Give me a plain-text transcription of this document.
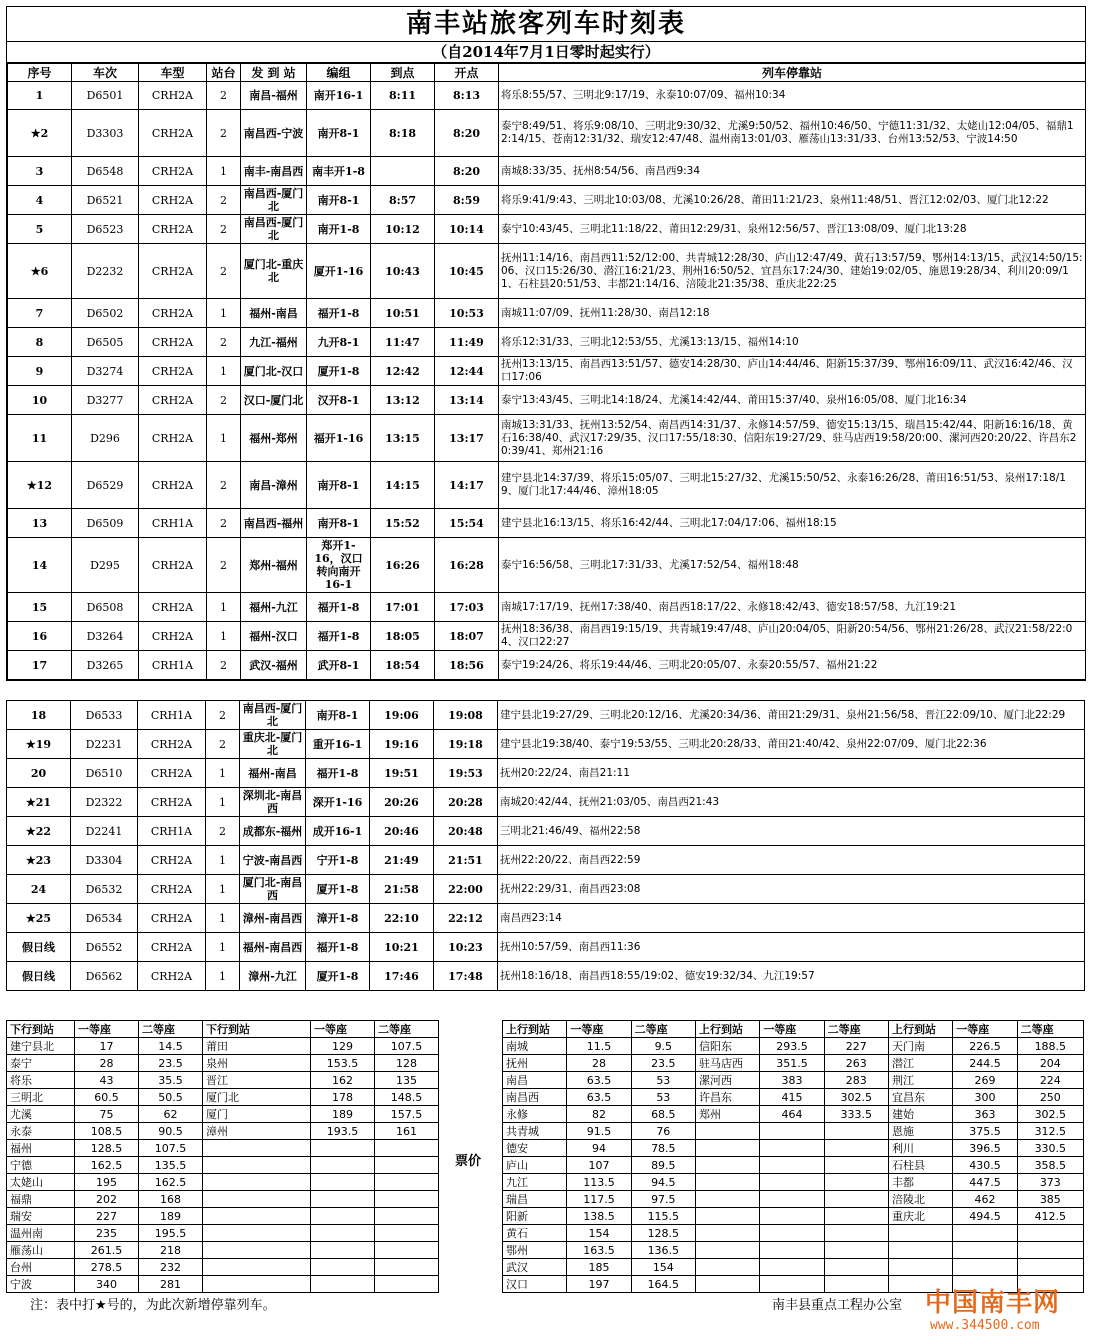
南丰站旅客列车时刻表
（自2014年7月1日零时起实行）
序号	车次	车型	站台	发 到 站	编组	到点	开点	列车停靠站
1	D6501	CRH2A	2	南昌-福州	南开16-1	8:11	8:13	将乐8:55/57、三明北9:17/19、永泰10:07/09、福州10:34
★2	D3303	CRH2A	2	南昌西-宁波	南开8-1	8:18	8:20	泰宁8:49/51、将乐9:08/10、三明北9:30/32、尤溪9:50/52、福州10:46/50、宁德11:31/32、太姥山12:04/05、福鼎12:14/15、苍南12:31/32、瑞安12:47/48、温州南13:01/03、雁荡山13:31/33、台州13:52/53、宁波14:50
3	D6548	CRH2A	1	南丰-南昌西	南丰开1-8		8:20	南城8:33/35、抚州8:54/56、南昌西9:34
4	D6521	CRH2A	2	南昌西-厦门北	南开8-1	8:57	8:59	将乐9:41/9:43、三明北10:03/08、尤溪10:26/28、莆田11:21/23、泉州11:48/51、晋江12:02/03、厦门北12:22
5	D6523	CRH2A	2	南昌西-厦门北	南开1-8	10:12	10:14	泰宁10:43/45、三明北11:18/22、莆田12:29/31、泉州12:56/57、晋江13:08/09、厦门北13:28
★6	D2232	CRH2A	2	厦门北-重庆北	厦开1-16	10:43	10:45	抚州11:14/16、南昌西11:52/12:00、共青城12:28/30、庐山12:47/49、黄石13:57/59、鄂州14:13/15、武汉14:50/15:06、汉口15:26/30、潜江16:21/23、荆州16:50/52、宜昌东17:24/30、建始19:02/05、施恩19:28/34、利川20:09/11、石柱县20:51/53、丰都21:14/16、涪陵北21:35/38、重庆北22:25
7	D6502	CRH2A	1	福州-南昌	福开1-8	10:51	10:53	南城11:07/09、抚州11:28/30、南昌12:18
8	D6505	CRH2A	2	九江-福州	九开8-1	11:47	11:49	将乐12:31/33、三明北12:53/55、尤溪13:13/15、福州14:10
9	D3274	CRH2A	1	厦门北-汉口	厦开1-8	12:42	12:44	抚州13:13/15、南昌西13:51/57、德安14:28/30、庐山14:44/46、阳新15:37/39、鄂州16:09/11、武汉16:42/46、汉口17:06
10	D3277	CRH2A	2	汉口-厦门北	汉开8-1	13:12	13:14	泰宁13:43/45、三明北14:18/24、尤溪14:42/44、莆田15:37/40、泉州16:05/08、厦门北16:34
11	D296	CRH2A	1	福州-郑州	福开1-16	13:15	13:17	南城13:31/33、抚州13:52/54、南昌西14:31/37、永修14:57/59、德安15:13/15、瑞昌15:42/44、阳新16:16/18、黄石16:38/40、武汉17:29/35、汉口17:55/18:30、信阳东19:27/29、驻马店西19:58/20:00、漯河西20:20/22、许昌东20:39/41、郑州21:16
★12	D6529	CRH2A	2	南昌-漳州	南开8-1	14:15	14:17	建宁县北14:37/39、将乐15:05/07、三明北15:27/32、尤溪15:50/52、永泰16:26/28、莆田16:51/53、泉州17:18/19、厦门北17:44/46、漳州18:05
13	D6509	CRH1A	2	南昌西-福州	南开8-1	15:52	15:54	建宁县北16:13/15、将乐16:42/44、三明北17:04/17:06、福州18:15
14	D295	CRH2A	2	郑州-福州	郑开1-16，汉口转向南开16-1	16:26	16:28	泰宁16:56/58、三明北17:31/33、尤溪17:52/54、福州18:48
15	D6508	CRH2A	1	福州-九江	福开1-8	17:01	17:03	南城17:17/19、抚州17:38/40、南昌西18:17/22、永修18:42/43、德安18:57/58、九江19:21
16	D3264	CRH2A	1	福州-汉口	福开1-8	18:05	18:07	抚州18:36/38、南昌西19:15/19、共青城19:47/48、庐山20:04/05、阳新20:54/56、鄂州21:26/28、武汉21:58/22:04、汉口22:27
17	D3265	CRH1A	2	武汉-福州	武开8-1	18:54	18:56	泰宁19:24/26、将乐19:44/46、三明北20:05/07、永泰20:55/57、福州21:22
18	D6533	CRH1A	2	南昌西-厦门北	南开8-1	19:06	19:08	建宁县北19:27/29、三明北20:12/16、尤溪20:34/36、莆田21:29/31、泉州21:56/58、晋江22:09/10、厦门北22:29
★19	D2231	CRH2A	2	重庆北-厦门北	重开16-1	19:16	19:18	建宁县北19:38/40、泰宁19:53/55、三明北20:28/33、莆田21:40/42、泉州22:07/09、厦门北22:36
20	D6510	CRH2A	1	福州-南昌	福开1-8	19:51	19:53	抚州20:22/24、南昌21:11
★21	D2322	CRH2A	1	深圳北-南昌西	深开1-16	20:26	20:28	南城20:42/44、抚州21:03/05、南昌西21:43
★22	D2241	CRH1A	2	成都东-福州	成开16-1	20:46	20:48	三明北21:46/49、福州22:58
★23	D3304	CRH2A	1	宁波-南昌西	宁开1-8	21:49	21:51	抚州22:20/22、南昌西22:59
24	D6532	CRH2A	1	厦门北-南昌西	厦开1-8	21:58	22:00	抚州22:29/31、南昌西23:08
★25	D6534	CRH2A	1	漳州-南昌西	漳开1-8	22:10	22:12	南昌西23:14
假日线	D6552	CRH2A	1	福州-南昌西	福开1-8	10:21	10:23	抚州10:57/59、南昌西11:36
假日线	D6562	CRH2A	1	漳州-九江	厦开1-8	17:46	17:48	抚州18:16/18、南昌西18:55/19:02、德安19:32/34、九江19:57
下行到站	一等座	二等座	下行到站	一等座	二等座
建宁县北	17	14.5	莆田	129	107.5
泰宁	28	23.5	泉州	153.5	128
将乐	43	35.5	晋江	162	135
三明北	60.5	50.5	厦门北	178	148.5
尤溪	75	62	厦门	189	157.5
永泰	108.5	90.5	漳州	193.5	161
福州	128.5	107.5			
宁德	162.5	135.5			
太姥山	195	162.5			
福鼎	202	168			
瑞安	227	189			
温州南	235	195.5			
雁荡山	261.5	218			
台州	278.5	232			
宁波	340	281			
票价
上行到站	一等座	二等座	上行到站	一等座	二等座	上行到站	一等座	二等座
南城	11.5	9.5	信阳东	293.5	227	天门南	226.5	188.5
抚州	28	23.5	驻马店西	351.5	263	潜江	244.5	204
南昌	63.5	53	漯河西	383	283	荆江	269	224
南昌西	63.5	53	许昌东	415	302.5	宜昌东	300	250
永修	82	68.5	郑州	464	333.5	建始	363	302.5
共青城	91.5	76				恩施	375.5	312.5
德安	94	78.5				利川	396.5	330.5
庐山	107	89.5				石柱县	430.5	358.5
九江	113.5	94.5				丰都	447.5	373
瑞昌	117.5	97.5				涪陵北	462	385
阳新	138.5	115.5				重庆北	494.5	412.5
黄石	154	128.5						
鄂州	163.5	136.5						
武汉	185	154						
汉口	197	164.5						
注：表中打★号的，为此次新增停靠列车。	南丰县重点工程办公室 中国南丰网
www.344500.com
